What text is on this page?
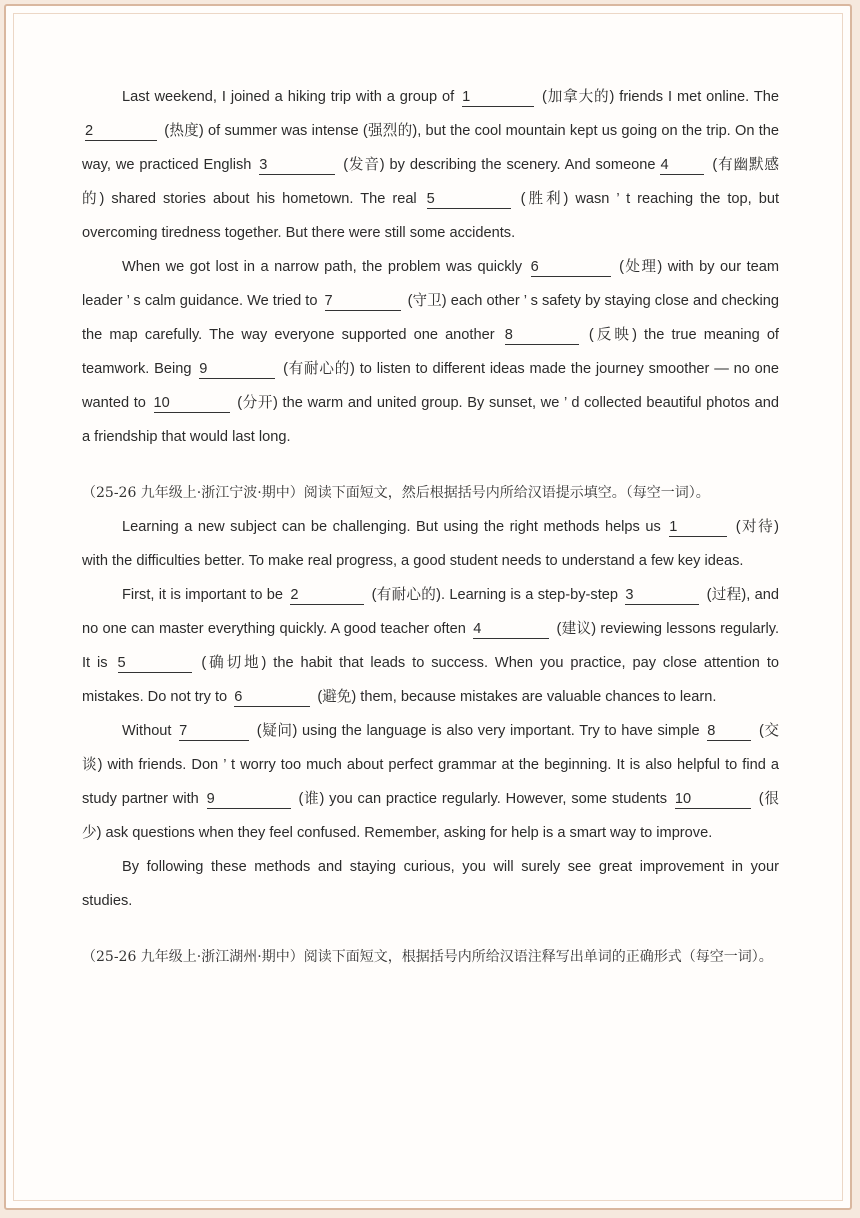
Last weekend, I joined a hiking trip with a group of 1	(加拿大的) friends I met online. The 2	(热度) of summer was intense (强烈的), but the cool mountain kept us going on the trip. On the way, we practiced English 3	(发音) by describing the scenery. And someone 4	(有幽默感的) shared stories about his hometown. The real 5	(胜利) wasn ’ t reaching the top, but overcoming tiredness together. But there were still some accidents.

When we got lost in a narrow path, the problem was quickly 6	(处理) with by our team leader ’ s calm guidance. We tried to 7	(守卫) each other ’ s safety by staying close and checking the map carefully. The way everyone supported one another 8	(反映) the true meaning of teamwork. Being 9	(有耐心的) to listen to different ideas made the journey smoother — no one wanted to 10	(分开) the warm and united group. By sunset, we ’ d collected beautiful photos and a friendship that would last long.

（25-26 九年级上·浙江宁波·期中）阅读下面短文，然后根据括号内所给汉语提示填空。（每空一词）。

Learning a new subject can be challenging. But using the right methods helps us 1	(对待) with the difficulties better. To make real progress, a good student needs to understand a few key ideas.

First, it is important to be 2	(有耐心的). Learning is a step-by-step 3	(过程), and no one can master everything quickly. A good teacher often 4	(建议) reviewing lessons regularly. It is 5	(确切地) the habit that leads to success. When you practice, pay close attention to mistakes. Do not try to 6	(避免) them, because mistakes are valuable chances to learn.

Without 7	(疑问) using the language is also very important. Try to have simple 8	(交谈) with friends. Don ’ t worry too much about perfect grammar at the beginning. It is also helpful to find a study partner with 9	(谁) you can practice regularly. However, some students 10	(很少) ask questions when they feel confused. Remember, asking for help is a smart way to improve.

By following these methods and staying curious, you will surely see great improvement in your studies.

（25-26 九年级上·浙江湖州·期中）阅读下面短文，根据括号内所给汉语注释写出单词的正确形式（每空一词）。
